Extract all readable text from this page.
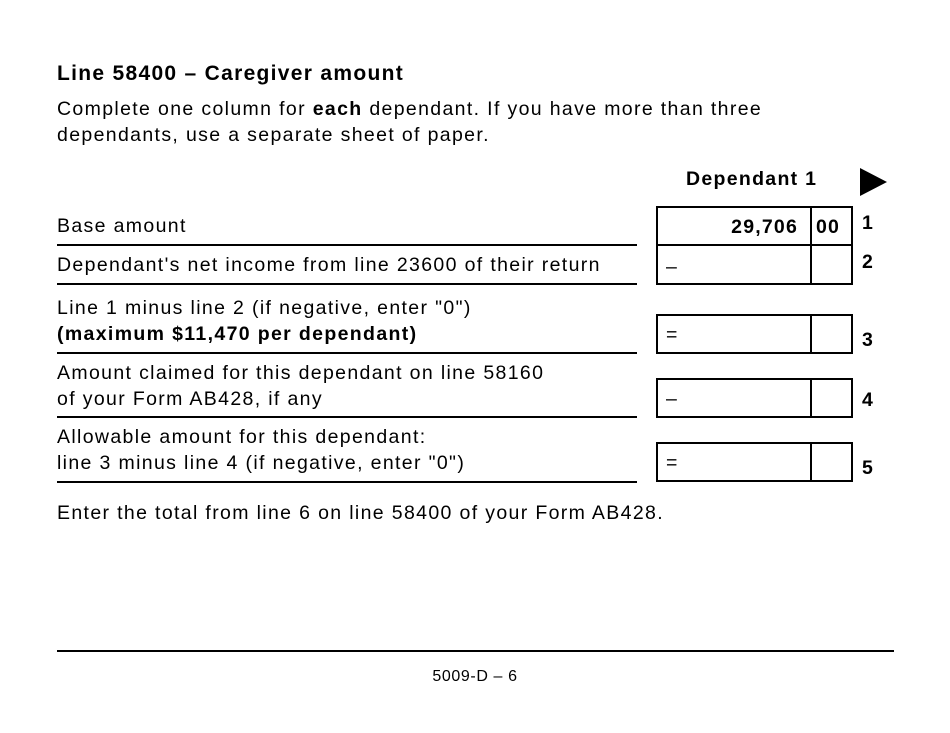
Line 58400 – Caregiver amount
Complete one column for each dependant. If you have more than three
dependants, use a separate sheet of paper.
Dependant 1
Base amount	29,706 00 1
Dependant's net income from line 23600 of their return	–	2
Line 1 minus line 2 (if negative, enter "0")
(maximum $11,470 per dependant)	=	3
Amount claimed for this dependant on line 58160
of your Form AB428, if any	–	4
Allowable amount for this dependant:
line 3 minus line 4 (if negative, enter "0")	=	5
Enter the total from line 6 on line 58400 of your Form AB428.
5009-D – 6
